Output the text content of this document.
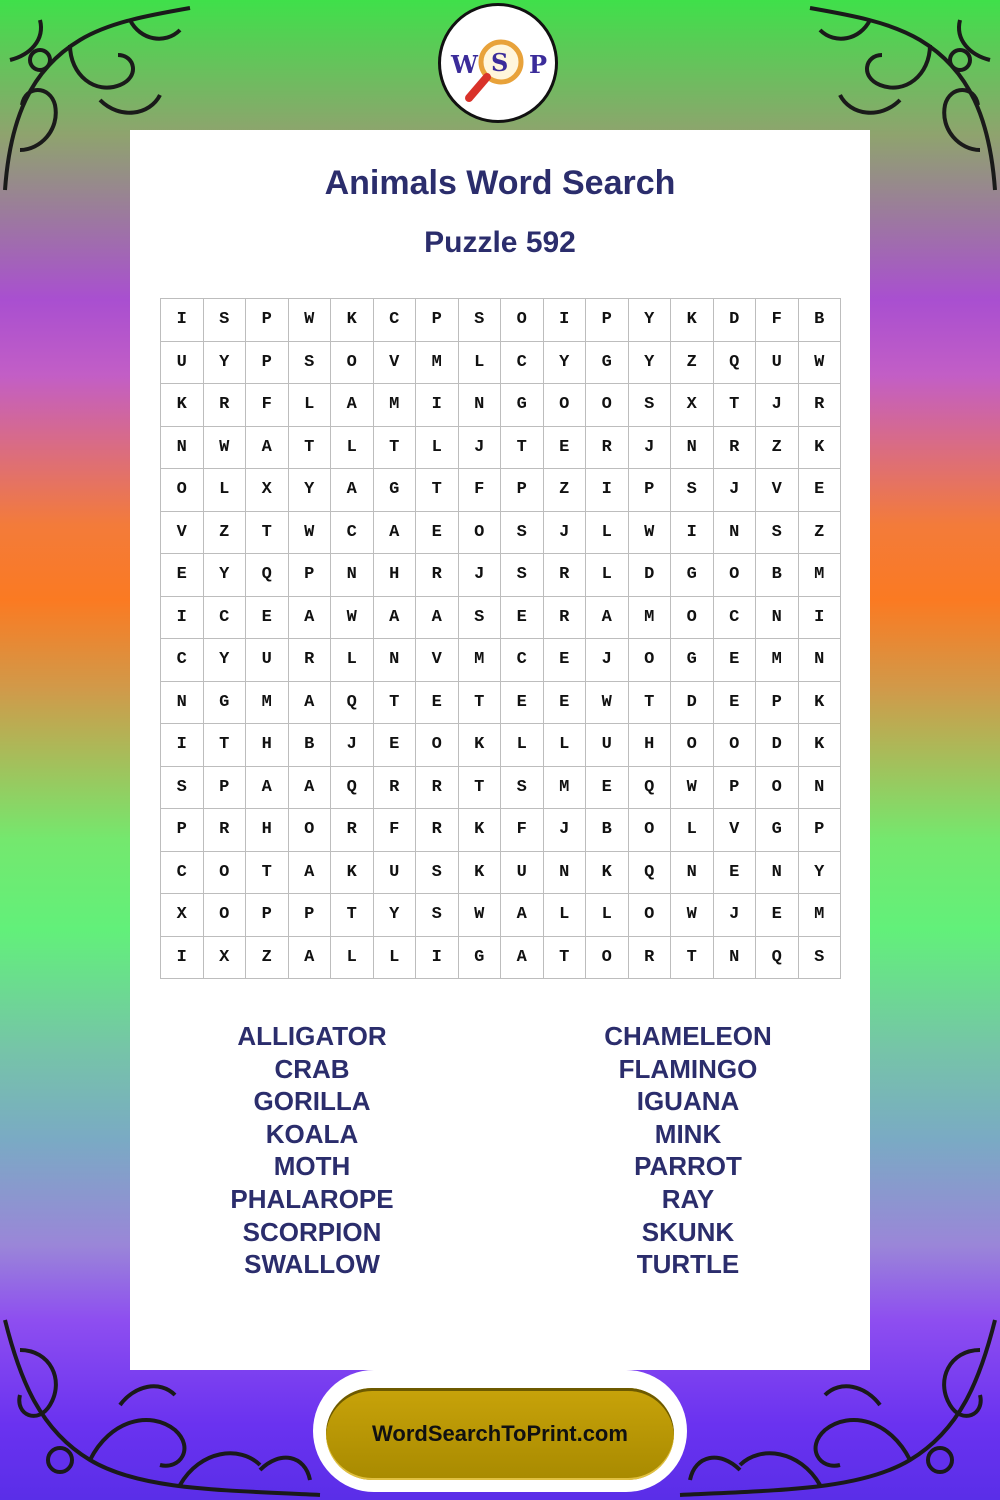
W S P
Animals Word Search
Puzzle 592
I	S	P	W	K	C	P	S	O	I	P	Y	K	D	F	B
U	Y	P	S	O	V	M	L	C	Y	G	Y	Z	Q	U	W
K	R	F	L	A	M	I	N	G	O	O	S	X	T	J	R
N	W	A	T	L	T	L	J	T	E	R	J	N	R	Z	K
O	L	X	Y	A	G	T	F	P	Z	I	P	S	J	V	E
V	Z	T	W	C	A	E	O	S	J	L	W	I	N	S	Z
E	Y	Q	P	N	H	R	J	S	R	L	D	G	O	B	M
I	C	E	A	W	A	A	S	E	R	A	M	O	C	N	I
C	Y	U	R	L	N	V	M	C	E	J	O	G	E	M	N
N	G	M	A	Q	T	E	T	E	E	W	T	D	E	P	K
I	T	H	B	J	E	O	K	L	L	U	H	O	O	D	K
S	P	A	A	Q	R	R	T	S	M	E	Q	W	P	O	N
P	R	H	O	R	F	R	K	F	J	B	O	L	V	G	P
C	O	T	A	K	U	S	K	U	N	K	Q	N	E	N	Y
X	O	P	P	T	Y	S	W	A	L	L	O	W	J	E	M
I	X	Z	A	L	L	I	G	A	T	O	R	T	N	Q	S
ALLIGATOR
CRAB
GORILLA
KOALA
MOTH
PHALAROPE
SCORPION
SWALLOW
CHAMELEON
FLAMINGO
IGUANA
MINK
PARROT
RAY
SKUNK
TURTLE
WordSearchToPrint.com
